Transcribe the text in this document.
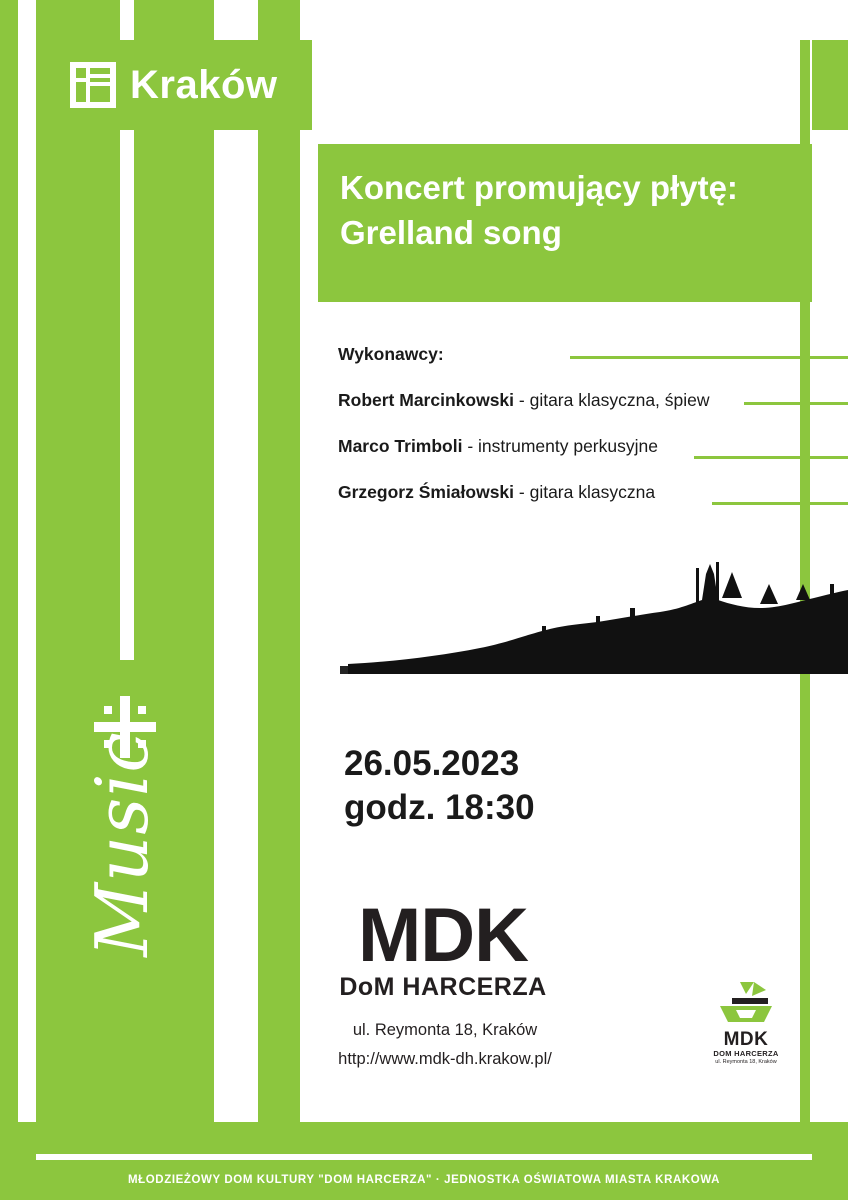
Kraków
Music
Koncert promujący płytę:
Grelland song
Wykonawcy:
Robert Marcinkowski - gitara klasyczna, śpiew
Marco Trimboli - instrumenty perkusyjne
Grzegorz Śmiałowski - gitara klasyczna
26.05.2023
godz. 18:30
MDK
DoM HARCERZA
ul. Reymonta 18, Kraków
http://www.mdk-dh.krakow.pl/
MDK
DOM HARCERZA
ul. Reymonta 18, Kraków
MŁODZIEŻOWY DOM KULTURY "DOM HARCERZA" · JEDNOSTKA OŚWIATOWA MIASTA KRAKOWA
